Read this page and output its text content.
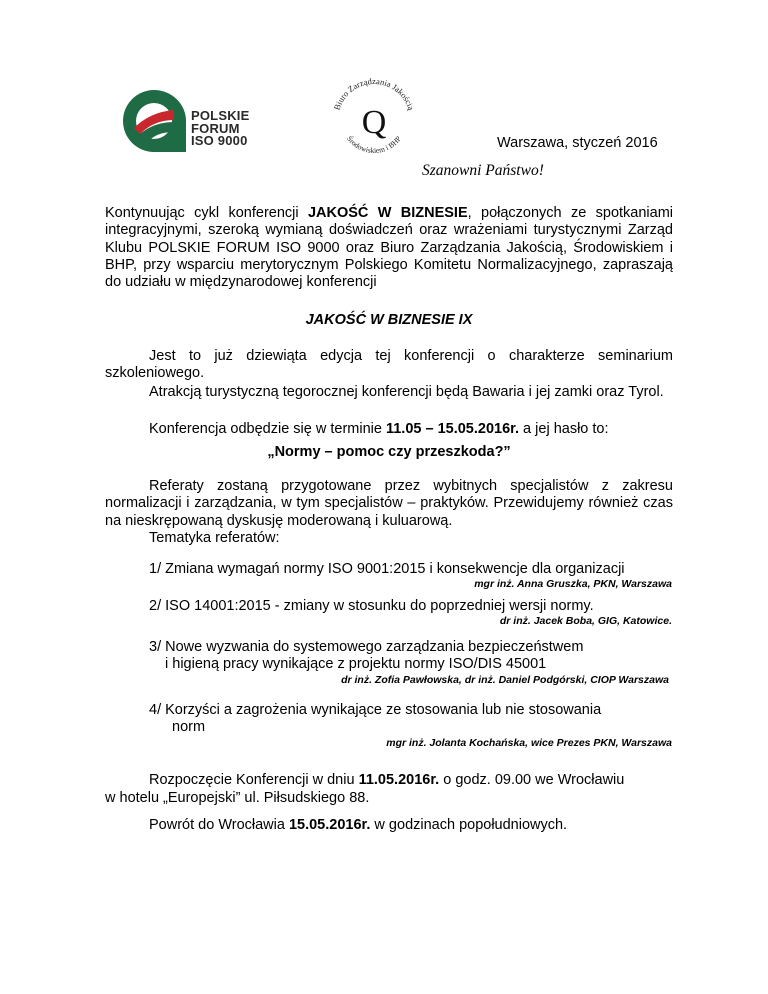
POLSKIE
FORUM
ISO 9000
Biuro Zarządzania Jakością
Środowiskiem i BHP
Q
Warszawa, styczeń 2016
Szanowni Państwo!
Kontynuując cykl konferencji JAKOŚĆ W BIZNESIE, połączonych ze spotkaniami integracyjnymi, szeroką wymianą doświadczeń oraz wrażeniami turystycznymi Zarząd Klubu POLSKIE FORUM ISO 9000 oraz Biuro Zarządzania Jakością, Środowiskiem i BHP, przy wsparciu merytorycznym Polskiego Komitetu Normalizacyjnego, zapraszają do udziału w międzynarodowej konferencji
JAKOŚĆ W BIZNESIE IX
Jest to już dziewiąta edycja tej konferencji o charakterze seminarium szkoleniowego.
Atrakcją turystyczną tegorocznej konferencji będą Bawaria i jej zamki oraz Tyrol.
Konferencja odbędzie się w terminie 11.05 – 15.05.2016r. a jej hasło to:
„Normy – pomoc czy przeszkoda?”
Referaty zostaną przygotowane przez wybitnych specjalistów z zakresu normalizacji i zarządzania, w tym specjalistów – praktyków. Przewidujemy również czas na nieskrępowaną dyskusję moderowaną i kuluarową.
Tematyka referatów:
1/ Zmiana wymagań normy ISO 9001:2015 i konsekwencje dla organizacji
mgr inż. Anna Gruszka, PKN, Warszawa
2/ ISO 14001:2015 - zmiany w stosunku do poprzedniej wersji normy.
dr inż. Jacek Boba, GIG, Katowice.
3/ Nowe wyzwania do systemowego zarządzania bezpieczeństwem
i higieną pracy wynikające z projektu normy ISO/DIS 45001
dr inż. Zofia Pawłowska, dr inż. Daniel Podgórski, CIOP Warszawa
4/ Korzyści a zagrożenia wynikające ze stosowania lub nie stosowania
norm
mgr inż. Jolanta Kochańska, wice Prezes PKN, Warszawa
Rozpoczęcie Konferencji w dniu 11.05.2016r. o godz. 09.00 we Wrocławiu
w hotelu „Europejski” ul. Piłsudskiego 88.
Powrót do Wrocławia 15.05.2016r. w godzinach popołudniowych.
